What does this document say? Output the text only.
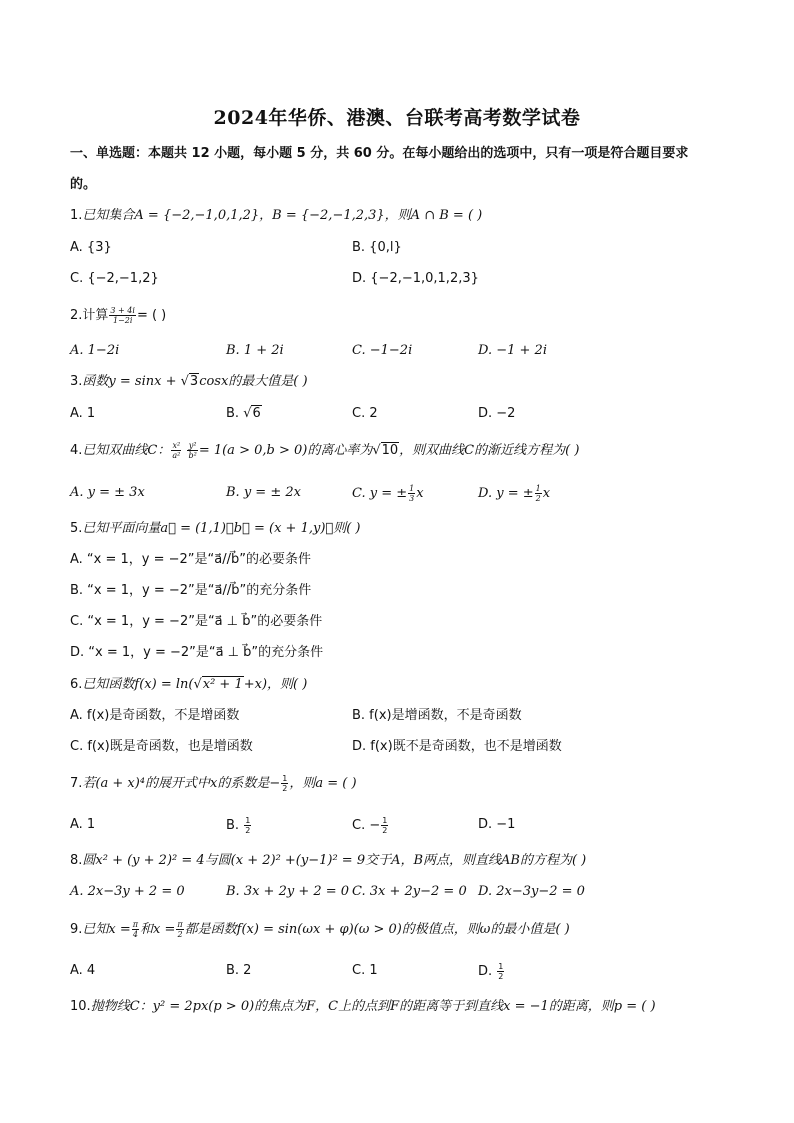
2024年华侨、港澳、台联考高考数学试卷
一、单选题：本题共 12 小题，每小题 5 分，共 60 分。在每小题给出的选项中，只有一项是符合题目要求
的。
1.已知集合A = {−2,−1,0,1,2}，B = {−2,−1,2,3}，则A ∩ B = ( )
A. {3}	B. {0,l}
C. {−2,−1,2}	D. {−2,−1,0,1,2,3}
2.计算 $\frac{3 + 4i}{1-2i}$ = ( )
A. 1−2i	B. 1 + 2i	C. −1−2i	D. −1 + 2i
3.函数y = sinx + √3cosx的最大值是( )
A. 1	B. √6	C. 2	D. −2
4.已知双曲线C： $\frac{\text{x²}}{\text{a²}}$
$\frac{\text{y²}}{\text{b²}} = 1(a > 0,b > 0)$的离心率为√10，则双曲线C的渐近线方程为( )
A. y = ± 3x	B. y = ± 2x	C. y = ± $\frac{1}{3}$ x	D. y = ± $\frac{1}{2}$ x
5.已知平面向量a⃗ = (1,1)，b⃗ = (x + 1,y)，则( )
A. “x = 1，y = −2”是“a⃗//b⃗”的必要条件
B. “x = 1，y = −2”是“a⃗//b⃗”的充分条件
C. “x = 1，y = −2”是“a⃗ ⊥ b⃗”的必要条件
D. “x = 1，y = −2”是“a⃗ ⊥ b⃗”的充分条件
6.已知函数f(x) = ln(√x² + 1+x)，则( )
A. f(x)是奇函数，不是增函数	B. f(x)是增函数，不是奇函数
C. f(x)既是奇函数，也是增函数	D. f(x)既不是奇函数，也不是增函数
7.若(a + x)⁴的展开式中x的系数是− $\frac{1}{2}$ ，则a = ( )
A. 1	B. $\frac{1}{2}$	C. − $\frac{1}{2}$	D. −1
8.圆x² + (y + 2)² = 4与圆(x + 2)² +(y−1)² = 9交于A，B两点，则直线AB的方程为( )
A. 2x−3y + 2 = 0	B. 3x + 2y + 2 = 0 C. 3x + 2y−2 = 0 D. 2x−3y−2 = 0
9.已知$x = \frac{\pi}{4}$ 和$x = \frac{\pi}{2}$ 都是函数f(x) = sin(ωx + φ)(ω > 0)的极值点，则ω的最小值是( )
A. 4	B. 2	C. 1	D. $\frac{1}{2}$
10.抛物线C：y² = 2px(p > 0)的焦点为F，C上的点到F的距离等于到直线x = −1的距离，则p = ( )
